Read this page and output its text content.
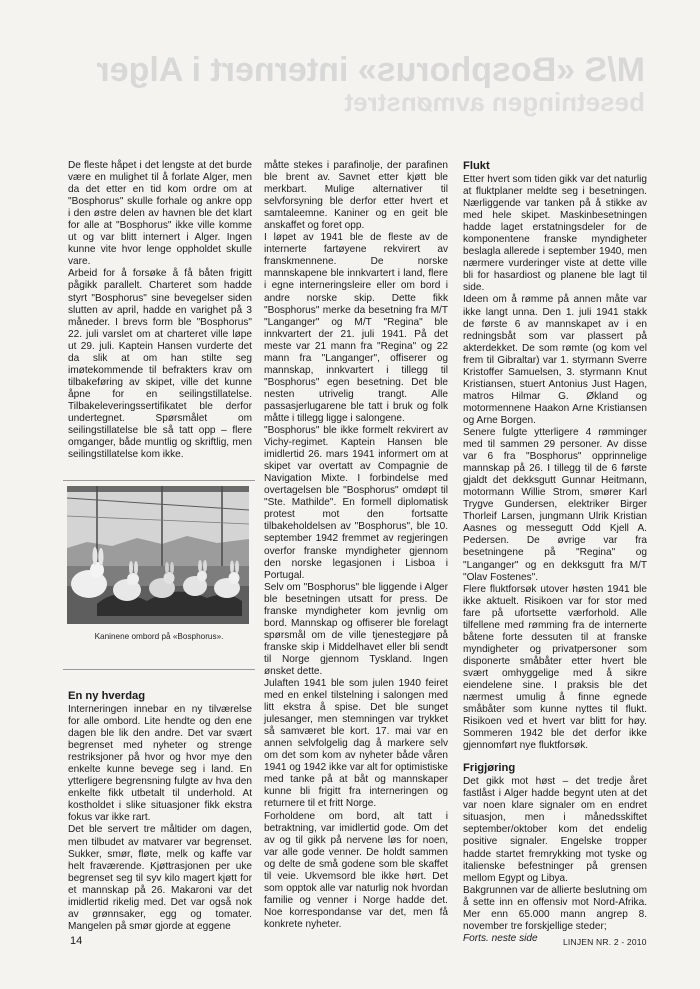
M/S «Bosphorus» internert i Alger
besetningen avmønstret

De fleste håpet i det lengste at det burde være en mulighet til å forlate Alger, men da det etter en tid kom ordre om at "Bosphorus" skulle forhale og ankre opp i den østre delen av havnen ble det klart for alle at "Bosphorus" ikke ville komme ut og var blitt internert i Alger. Ingen kunne vite hvor lenge oppholdet skulle vare.
Arbeid for å forsøke å få båten frigitt pågikk parallelt. Charteret som hadde styrt "Bosphorus" sine bevegelser siden slutten av april, hadde en varighet på 3 måneder. I brevs form ble "Bosphorus" 22. juli varslet om at charteret ville løpe ut 29. juli. Kaptein Hansen vurderte det da slik at om han stilte seg imøtekommende til befrakters krav om tilbakeføring av skipet, ville det kunne åpne for en seilingstillatelse. Tilbakeleveringssertifikatet ble derfor undertegnet. Spørsmålet om seilingstillatelse ble så tatt opp – flere omganger, både muntlig og skriftlig, men seilingstillatelse kom ikke.

En ny hverdag

Interneringen innebar en ny tilværelse for alle ombord. Lite hendte og den ene dagen ble lik den andre. Det var svært begrenset med nyheter og strenge restriksjoner på hvor og hvor mye den enkelte kunne bevege seg i land. En ytterligere begrensning fulgte av hva den enkelte fikk utbetalt til underhold. At kostholdet i slike situasjoner fikk ekstra fokus var ikke rart.
Det ble servert tre måltider om dagen, men tilbudet av matvarer var begrenset. Sukker, smør, fløte, melk og kaffe var helt fraværende. Kjøttrasjonen per uke begrenset seg til syv kilo magert kjøtt for et mannskap på 26. Makaroni var det imidlertid rikelig med. Det var også nok av grønnsaker, egg og tomater. Mangelen på smør gjorde at eggene

Kaninene ombord på «Bosphorus».

måtte stekes i parafinolje, der parafinen ble brent av. Savnet etter kjøtt ble merkbart. Mulige alternativer til selvforsyning ble derfor etter hvert et samtaleemne. Kaniner og en geit ble anskaffet og foret opp.
I løpet av 1941 ble de fleste av de internerte fartøyene rekvirert av franskmennene. De norske mannskapene ble innkvartert i land, flere i egne interneringsleire eller om bord i andre norske skip. Dette fikk "Bosphorus" merke da besetning fra M/T "Langanger" og M/T "Regina" ble innkvartert der 21. juli 1941. På det meste var 21 mann fra "Regina" og 22 mann fra "Langanger", offiserer og mannskap, innkvartert i tillegg til "Bosphorus" egen besetning. Det ble nesten utrivelig trangt. Alle passasjerlugarene ble tatt i bruk og folk måtte i tillegg ligge i salongene.
"Bosphorus" ble ikke formelt rekvirert av Vichy-regimet. Kaptein Hansen ble imidlertid 26. mars 1941 informert om at skipet var overtatt av Compagnie de Navigation Mixte. I forbindelse med overtagelsen ble "Bosphorus" omdøpt til "Ste. Mathilde". En formell diplomatisk protest mot den fortsatte tilbakeholdelsen av "Bosphorus", ble 10. september 1942 fremmet av regjeringen overfor franske myndigheter gjennom den norske legasjonen i Lisboa i Portugal.
Selv om "Bosphorus" ble liggende i Alger ble besetningen utsatt for press. De franske myndigheter kom jevnlig om bord. Mannskap og offiserer ble forelagt spørsmål om de ville tjenestegjøre på franske skip i Middelhavet eller bli sendt til Norge gjennom Tyskland. Ingen ønsket dette.
Julaften 1941 ble som julen 1940 feiret med en enkel tilstelning i salongen med litt ekstra å spise. Det ble sunget julesanger, men stemningen var trykket så samværet ble kort. 17. mai var en annen selvfolgelig dag å markere selv om det som kom av nyheter både våren 1941 og 1942 ikke var alt for optimistiske med tanke på at båt og mannskaper kunne bli frigitt fra interneringen og returnere til et fritt Norge.
Forholdene om bord, alt tatt i betraktning, var imidlertid gode. Om det av og til gikk på nervene løs for noen, var alle gode venner. De holdt sammen og delte de små godene som ble skaffet til veie. Ukvemsord ble ikke hørt. Det som opptok alle var naturlig nok hvordan familie og venner i Norge hadde det. Noe korrespondanse var det, men få konkrete nyheter.

Flukt

Etter hvert som tiden gikk var det naturlig at fluktplaner meldte seg i besetningen. Nærliggende var tanken på å stikke av med hele skipet. Maskinbesetningen hadde laget erstatningsdeler for de komponentene franske myndigheter beslagla allerede i september 1940, men nærmere vurderinger viste at dette ville bli for hasardiost og planene ble lagt til side.
Ideen om å rømme på annen måte var ikke langt unna. Den 1. juli 1941 stakk de første 6 av mannskapet av i en redningsbåt som var plassert på akterdekket. De som rømte (og kom vel frem til Gibraltar) var 1. styrmann Sverre Kristoffer Samuelsen, 3. styrmann Knut Kristiansen, stuert Antonius Just Hagen, matros Hilmar G. Økland og motormennene Haakon Arne Kristiansen og Arne Borgen.
Senere fulgte ytterligere 4 rømminger med til sammen 29 personer. Av disse var 6 fra "Bosphorus" opprinnelige mannskap på 26. I tillegg til de 6 første gjaldt det dekksgutt Gunnar Heitmann, motormann Willie Strom, smører Karl Trygve Gundersen, elektriker Birger Thorleif Larsen, jungmann Ulrik Kristian Aasnes og messegutt Odd Kjell A. Pedersen. De øvrige var fra besetningene på "Regina" og "Langanger" og en dekksgutt fra M/T "Olav Fostenes".
Flere fluktforsøk utover høsten 1941 ble ikke aktuelt. Risikoen var for stor med fare på ufortsette værforhold. Alle tilfellene med rømming fra de internerte båtene forte dessuten til at franske myndigheter og privatpersoner som disponerte småbåter etter hvert ble svært omhyggelige med å sikre eiendelene sine. I praksis ble det nærmest umulig å finne egnede småbåter som kunne nyttes til flukt. Risikoen ved et hvert var blitt for høy. Sommeren 1942 ble det derfor ikke gjennomført nye fluktforsøk.

Frigjøring

Det gikk mot høst – det tredje året fastlåst i Alger hadde begynt uten at det var noen klare signaler om en endret situasjon, men i månedsskiftet september/oktober kom det endelig positive signaler. Engelske tropper hadde startet fremrykking mot tyske og italienske befestninger på grensen mellom Egypt og Libya.
Bakgrunnen var de allierte beslutning om å sette inn en offensiv mot Nord-Afrika. Mer enn 65.000 mann angrep 8. november tre forskjellige steder;

Forts. neste side

14	LINJEN NR. 2 - 2010
